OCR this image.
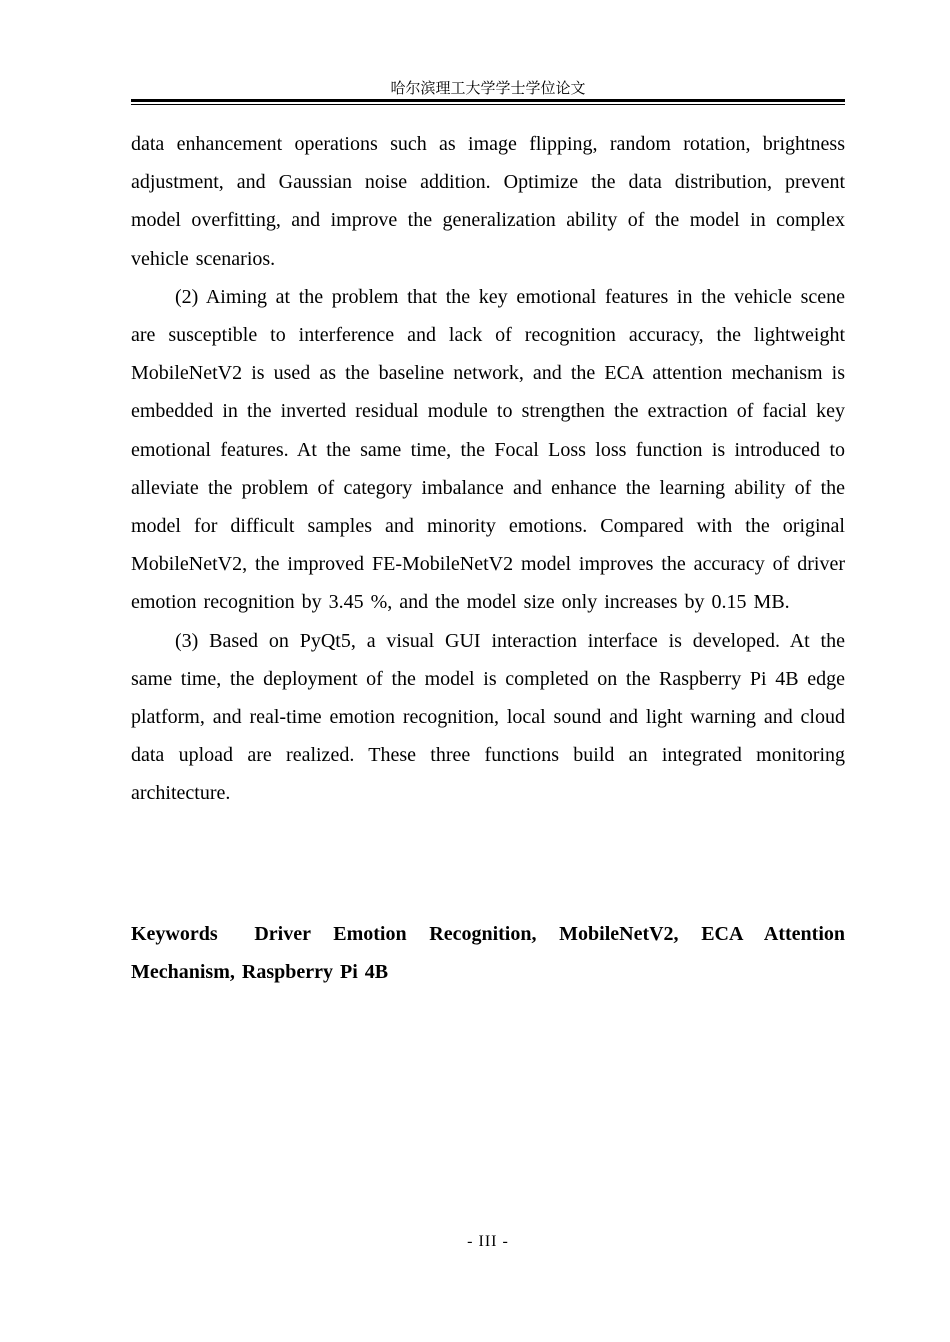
哈尔滨理工大学学士学位论文

data enhancement operations such as image flipping, random rotation, brightness adjustment, and Gaussian noise addition. Optimize the data distribution, prevent model overfitting, and improve the generalization ability of the model in complex vehicle scenarios.

(2) Aiming at the problem that the key emotional features in the vehicle scene are susceptible to interference and lack of recognition accuracy, the lightweight MobileNetV2 is used as the baseline network, and the ECA attention mechanism is embedded in the inverted residual module to strengthen the extraction of facial key emotional features. At the same time, the Focal Loss loss function is introduced to alleviate the problem of category imbalance and enhance the learning ability of the model for difficult samples and minority emotions. Compared with the original MobileNetV2, the improved FE-MobileNetV2 model improves the accuracy of driver emotion recognition by 3.45 %, and the model size only increases by 0.15 MB.

(3) Based on PyQt5, a visual GUI interaction interface is developed. At the same time, the deployment of the model is completed on the Raspberry Pi 4B edge platform, and real-time emotion recognition, local sound and light warning and cloud data upload are realized. These three functions build an integrated monitoring architecture.

Keywords Driver Emotion Recognition, MobileNetV2, ECA Attention Mechanism, Raspberry Pi 4B
- III -
